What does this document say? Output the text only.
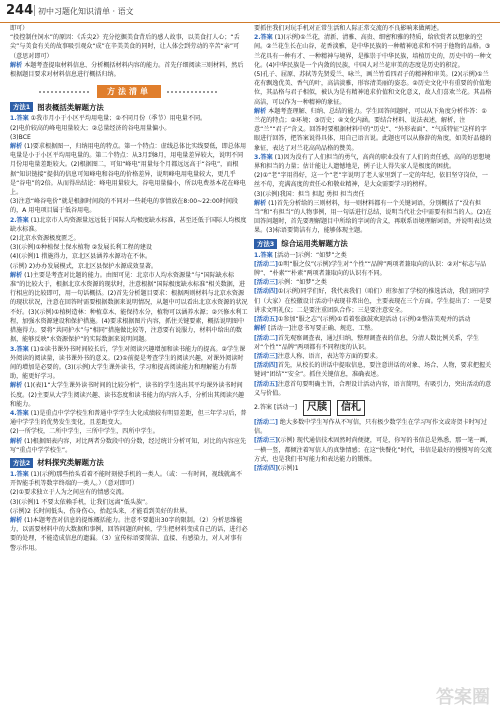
244 初中习题化知识清单 · 语文

即可）

“投控制住饲水”的原因：《舌尖2》充分挖掘美食背后的感人故事，以美食打人心；“舌尖”与美食有关的故事吸引观众“成”在辛美美食的同时，让人体会到劳动的辛苦“亲”可（意思对即可）

解析 本题考查提取材料信息、分析概括材料内容的能力。首先仔细阅读三则材料，然后根据题目要求对材料信息进行概括归纳。

方法清单
方法1 图表概括类解题方法

1.答案 ①我市月小于小区平均用电量；②不同月份（季节）用电量不同。

(2)电价较高的峰电用量较大；②总量经济的谷电用量偏小。

(3)BCE

解析 (1)要求根据图一，归纳用电的特点。第一个特点：虚线总体比实线要低，即总体用电量是小于小区平均用电量的。第二个特点：从3月到8月，用电量差异较大，说明不同月份用电量差距较大。(2)根据图二，可知“峰电”用量每个月都远远高于“谷电”，而根据“知识链接”提供的信息可知峰电和谷电的价格差异，说明峰电用电量较大，更几乎是“谷电”的2倍。从而得出结论：峰电用量较大，谷电用量偏小，所以电费基本花在峰电上。

(3)注意“峰谷电价”就是根据时间段的不同对一些耗电的事情放在8:00~22:00时间段的，A 用电项目属于低谷用电。

2.答案 (1)北京市人均资源量远远低于国际人均极度缺水标准，甚至还低于国际人均极度缺水标准。

(2)北京水资源极度匮乏。

(3)(示例)①种植保土保水植物 ②发展长利工程的建设

(4)(示例)1 措施得力，京北区县涵养水源功在不休。

(示例) 2)办办发展模式，京北区县保护水源成效显著。

解析 (1)主要是考查对比题的能力。由图可见：北京市人均水资源量”与“国际缺水标准”的比较大于，根据北京水资源的现状时，注意根据“国际极度缺水标准”相关数据，进行相应的比较即可，用一句话概括。(2)首先分析题目要求：根据两则材料与北京水资源的现状状况，注意在回答时需要根据数据来说明情况，从题中可以看出北京水资源的状况不好。(3)(示例)①植树造林：种植草木、能保持水分，植物可以涵养水源；②兴修水利工程，加强水资源建设和保护措施。(4)要求根据图片内容，抓住关键要素，概括说明图中措施得力。要将“共同护水”与“相同”措施做比较等，注意要有说服力，材料中给出的数据，能够反映“水资源保护”的实际数据来说明问题。

3.答案 (1)①读书课外书时间较长后，学生对阅读兴趣增加和读书能力的提高。②学生课外阅读的阅读量，读书课外书的意义。(2)①前提是考查学生的阅读兴趣，对课外阅读时间的增加是必要的。(3)(示例)大学生课外读书，学习和提高阅读能力和理解能力有帮助，能更好学习。

解析 (1)(表)1“大学生课外读书时间的比较分析”，读书的学生选出其平均课外读书时间长度。(2)主要从大学生阅读兴趣、读书态度和读书能力的内容入手，分析出其阅读兴趣和能力。

4.答案 (1)是重点中学学校生和普通中学学生大化成绩较有明显差距，但三年学习后，普通中学学生的优势发生变化，且差距变大。

(2)一所学校，二所中学生，三所中学生，四所中学生。

解析 (1)根据图表内容，对比两者分数段中的分数，经过统计分析可知，对比的内容应先写“重点中学学校生”。

方法2 材料探究类解题方法

1.答案 (1)(示例)那些抬头看着不能时刻使手机的一类人。（或：一有时间，视线就离不开智能手机等数字终端的一类人。）（意对即可）

(2)①要求独立于人为之间应有的情感交流。

(3)(示例)1 不要太依赖手机，让我们远离“低头族”。

(示例)2 长时间低头，伤身伤心，抬起头来，才能看到美好的世界。

解析 (1)本题考查对信息的提炼概括能力。注意不要超出30字的限制。（2）分析思维能力，以需要材料中的大数据和事例，回答问题的时候，学生把材料变成自己的话，进行必要的处理，不能造成信息的遗漏。（3）宣传标语要简洁、直接、有感染力，对人对事有警示作用。

要抓住我们对玩手机对正常生活和人际正常交流的不良影响来做阐述。

2.答案 (1)(示例)①兰花，清新、清雅、高贵、细密和雅的特质，给欣赏者以想象的空间。②兰花生长在山谷，花香淡雅，是中华民族的一种精神追求和不同于他物的品格。③兰花具有一种有才、一种精神与境界，是推崇于中华民族，培植历史的，历史中的一种文化。(4)中华民族是一个内敛的民族，中国人对兰花审美的态度是历史的积淀。

(5)孔子、屈原、苏轼等先贤爱兰、咏兰，画兰竹看四君子的精神和审美。(2)(示例)①兰花有飘逸优美、香气的叶，高洁淡雅，形容清美丽的姿态。②历史文化中有重要的价值地位，其品格与君子相似，被认为是有精神追求价值和文化意义，故人们喜欢兰花。其品格高洁，可以作为一种精神的象征。

解析 本题考查理解、归纳、总结的能力。学生回答问题时，可以从下角度分析作答：①兰花的特点；②环境；③历史；④文化内涵。要结合材料、说法表述，解析，注意“兰”“君子”含义。回答时要根据材料中的“历史”、“外形表面”、“气质特征”这样的字眼进行回答，把答案说得具体，用自己语言说。此题也可以从修辞的角度，如美好品德的象征，表达了对兰花高尚品格的赞美。

3.答案 (1)因为没有了人们担当的勇气，高尚的职业没有了人们的责任感，高尚的思想境界和担当的力量；估计能让人遗憾地是，例子让人得失家人是极度的困扰。

(2)①“老”字用得好，这一个“老”字说明了老人家里到了一定的年纪，依旧坚守岗位，一丝不苟，充满高度的责任心和敬业精神，是大众需要学习的榜样。

(3)(示例)我国：担当 担起 勇担 担当责任

解析 (1)首先分析给的三则材料，每一则材料都有一个关键词语，分别概括了“没有担当”和“有担当”的人物事例，用一句话进行总结，说明当代社会中需要有担当的人。(2)在回答问题时，首先要理解题目中所给的字词的含义，再联系语境理解词语，并说明表达效果。(3)标语要简洁有力，能够体现主题。

方法3 综合运用类解题方法

1.答案 [活动一]示例：“如梦”之类

[活动二]①明“服之仪”(示例)学生对“个性”“品牌”两项者兼取向的认识：②对“标志与品牌”、“朴素”“朴素”两项者兼取向的认识有不同。

[活动三]示例：“如梦”之类

[活动四]①(示例)同学们好，我代表我们（咱们）班参加了学校的推选活动，我们班同学们（大家）在校徽设计活动中表现非常出色，主要表现在三个方面。学生提出了：一是要讲求文明礼仪；二是要注重团队合作；三是要注意安全。

[活动五]①参加“服之志”(示例)①看着张旗鼓欢迎活动 (示例)②整洁美观并的活动

解析 [活动一]注意书写要正确、规范、工整。

[活动二]首先观察调查表，通过归纳，整理调查表的信息，分清人数比例关系，学生对“个性”“品牌”两项都有不同程度的认识。

[活动三]注意人称、语言，表达等方面的要求。

[活动四]首先，从校长的讲话中提取信息，要注意讲话的对象、场合、人物，要求把握关键词“团结”“安全”。抓住关键信息，准确表述。

[活动五]注意首句要明确主旨，合理设计活动内容，语言简明，有吸引力，突出活动的意义与价值。

2.答案 [活动一]	尺牍	信札

[活动二] 绝大多数中学生写作从不写信，只有极少数学生在学习写作文或寄贺卡时写过信。

[活动三](示例) 现代通信技术固然时尚便捷，可是，你写的书信总是熟悉，那一笔一画，一横一竖，都倾注着写信人的真挚情感；在这“快餐化”时代，书信是最好的慢慢写的交流方式，也是我们书写能力和表达能力的锻炼。

[活动四](示例)1

答案圈
